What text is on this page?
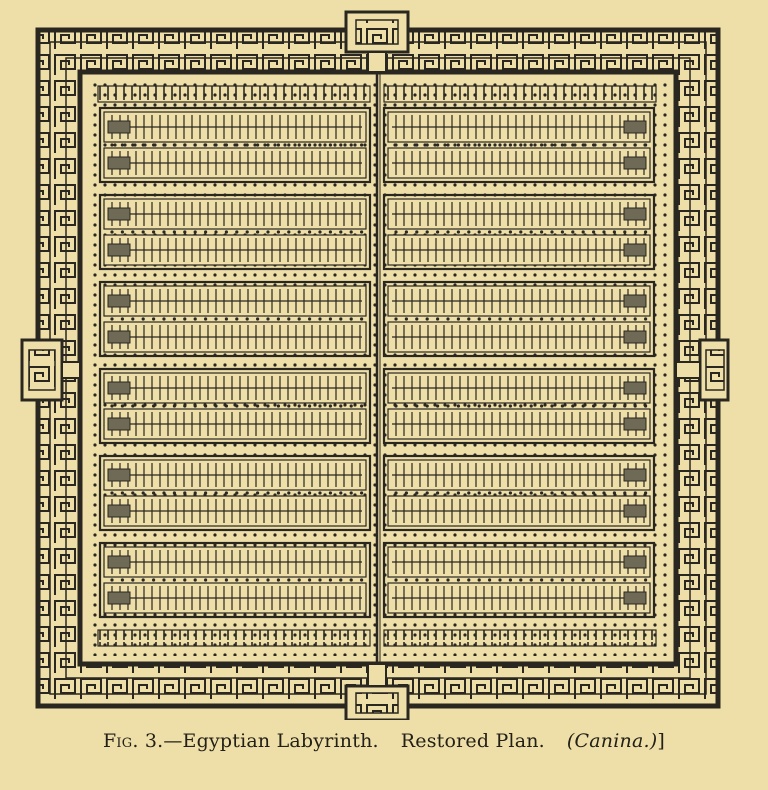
Fig. 3.—Egyptian Labyrinth. Restored Plan. (Canina.)]
